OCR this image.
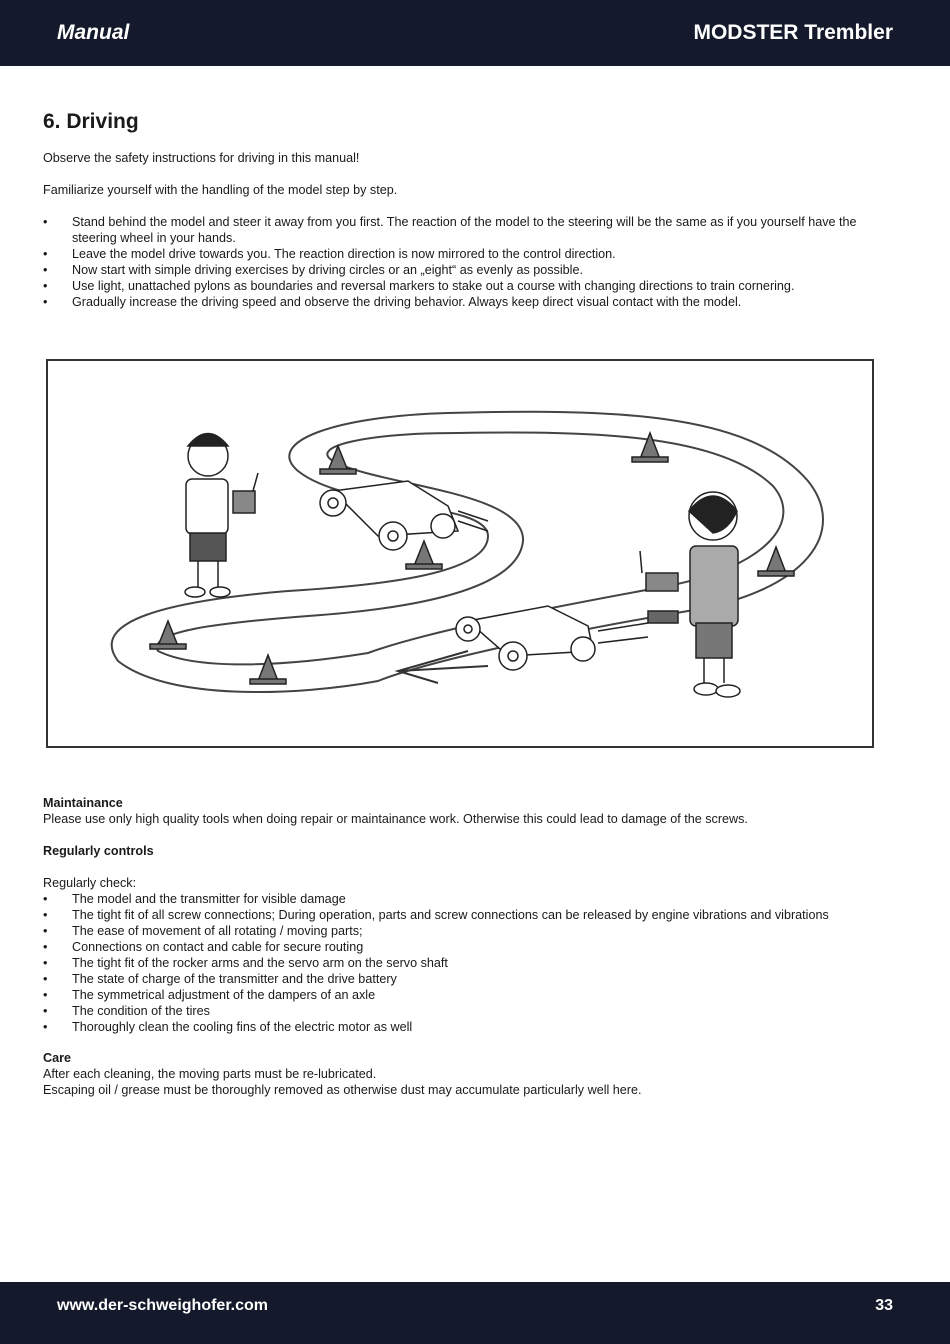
Manual	MODSTER Trembler
6. Driving

Observe the safety instructions for driving in this manual!

Familiarize yourself with the handling of the model step by step.

• Stand behind the model and steer it away from you first. The reaction of the model to the steering will be the same as if you yourself have the steering wheel in your hands.
• Leave the model drive towards you. The reaction direction is now mirrored to the control direction.
• Now start with simple driving exercises by driving circles or an „eight“ as evenly as possible.
• Use light, unattached pylons as boundaries and reversal markers to stake out a course with changing directions to train cornering.
• Gradually increase the driving speed and observe the driving behavior. Always keep direct visual contact with the model.
Maintainance

Please use only high quality tools when doing repair or maintainance work. Otherwise this could lead to damage of the screws.

Regularly controls

Regularly check:

• The model and the transmitter for visible damage
• The tight fit of all screw connections; During operation, parts and screw connections can be released by engine vibrations and vibrations
• The ease of movement of all rotating / moving parts;
• Connections on contact and cable for secure routing
• The tight fit of the rocker arms and the servo arm on the servo shaft
• The state of charge of the transmitter and the drive battery
• The symmetrical adjustment of the dampers of an axle
• The condition of the tires
• Thoroughly clean the cooling fins of the electric motor as well
Care

After each cleaning, the moving parts must be re-lubricated.

Escaping oil / grease must be thoroughly removed as otherwise dust may accumulate particularly well here.

www.der-schweighofer.com	33
